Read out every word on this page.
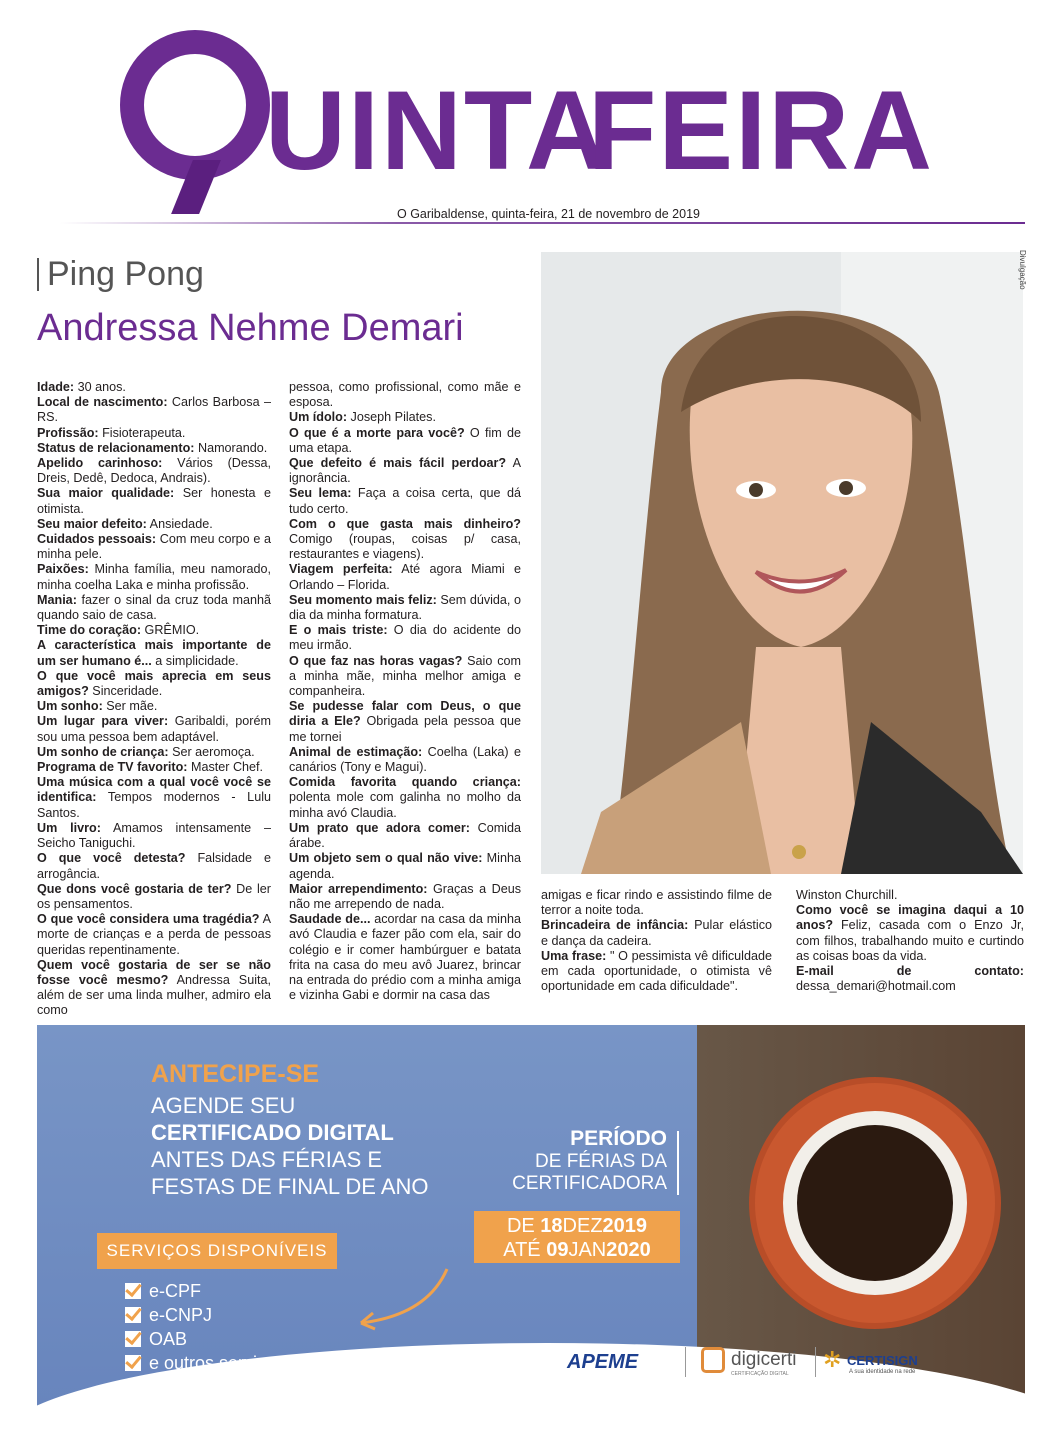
UINTA
FEIRA
O Garibaldense, quinta-feira, 21 de novembro de 2019
Ping Pong
Andressa Nehme Demari

Idade: 30 anos.

Local de nascimento: Carlos Barbosa – RS.

Profissão: Fisioterapeuta.

Status de relacionamento: Namorando.

Apelido carinhoso: Vários (Dessa, Dreis, Dedê, Dedoca, Andrais).

Sua maior qualidade: Ser honesta e otimista.

Seu maior defeito: Ansiedade.

Cuidados pessoais: Com meu corpo e a minha pele.

Paixões: Minha família, meu namorado, minha coelha Laka e minha profissão.

Mania: fazer o sinal da cruz toda manhã quando saio de casa.

Time do coração: GRÊMIO.

A característica mais importante de um ser humano é... a simplicidade.

O que você mais aprecia em seus amigos? Sinceridade.

Um sonho: Ser mãe.

Um lugar para viver: Garibaldi, porém sou uma pessoa bem adaptável.

Um sonho de criança: Ser aeromoça.

Programa de TV favorito: Master Chef.

Uma música com a qual você você se identifica: Tempos modernos - Lulu Santos.

Um livro: Amamos intensamente – Seicho Taniguchi.

O que você detesta? Falsidade e arrogância.

Que dons você gostaria de ter? De ler os pensamentos.

O que você considera uma tragédia? A morte de crianças e a perda de pessoas queridas repentinamente.

Quem você gostaria de ser se não fosse você mesmo? Andressa Suita, além de ser uma linda mulher, admiro ela como

pessoa, como profissional, como mãe e esposa.

Um ídolo: Joseph Pilates.

O que é a morte para você? O fim de uma etapa.

Que defeito é mais fácil perdoar? A ignorância.

Seu lema: Faça a coisa certa, que dá tudo certo.

Com o que gasta mais dinheiro? Comigo (roupas, coisas p/ casa, restaurantes e viagens).

Viagem perfeita: Até agora Miami e Orlando – Florida.

Seu momento mais feliz: Sem dúvida, o dia da minha formatura.

E o mais triste: O dia do acidente do meu irmão.

O que faz nas horas vagas? Saio com a minha mãe, minha melhor amiga e companheira.

Se pudesse falar com Deus, o que diria a Ele? Obrigada pela pessoa que me tornei

Animal de estimação: Coelha (Laka) e canários (Tony e Magui).

Comida favorita quando criança: polenta mole com galinha no molho da minha avó Claudia.

Um prato que adora comer: Comida árabe.

Um objeto sem o qual não vive: Minha agenda.

Maior arrependimento: Graças a Deus não me arrependo de nada.

Saudade de... acordar na casa da minha avó Claudia e fazer pão com ela, sair do colégio e ir comer hambúrguer e batata frita na casa do meu avô Juarez, brincar na entrada do prédio com a minha amiga e vizinha Gabi e dormir na casa das

amigas e ficar rindo e assistindo filme de terror a noite toda.

Brincadeira de infância: Pular elástico e dança da cadeira.

Uma frase: " O pessimista vê dificuldade em cada oportunidade, o otimista vê oportunidade em cada dificuldade".

Winston Churchill.

Como você se imagina daqui a 10 anos? Feliz, casada com o Enzo Jr, com filhos, trabalhando muito e curtindo as coisas boas da vida.

E-mail de contato: dessa_demari@hotmail.com

Divulgação
ANTECIPE-SE
AGENDE SEU
CERTIFICADO DIGITAL
ANTES DAS FÉRIAS E
FESTAS DE FINAL DE ANO
SERVIÇOS DISPONÍVEIS
e-CPF
e-CNPJ
OAB
e outros serviços
PERÍODO
DE FÉRIAS DA
CERTIFICADORA
DE 18DEZ2019
ATÉ 09JAN2020
APEME	digicerti
CERTIFICAÇÃO DIGITAL
✲ CERTISIGN
A sua identidade na rede
